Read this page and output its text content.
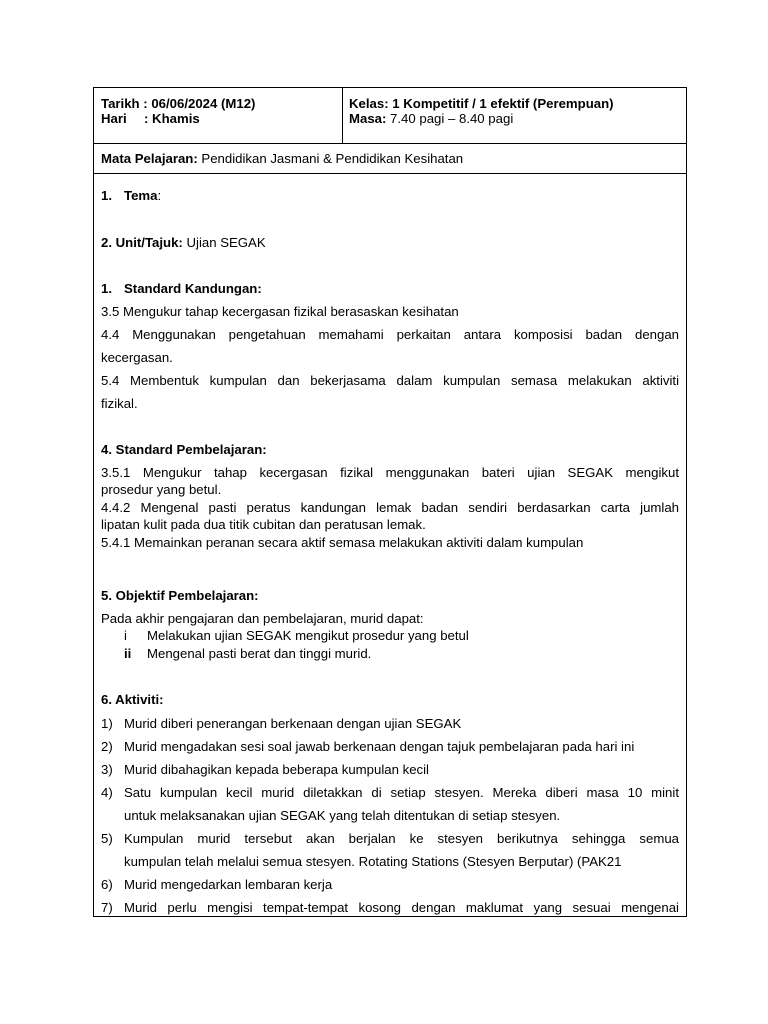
Tarikh : 06/06/2024 (M12)
Hari : Khamis
Kelas: 1 Kompetitif / 1 efektif (Perempuan)
Masa: 7.40 pagi – 8.40 pagi
Mata Pelajaran: Pendidikan Jasmani & Pendidikan Kesihatan
1. Tema:
2. Unit/Tajuk: Ujian SEGAK
1. Standard Kandungan:
3.5 Mengukur tahap kecergasan fizikal berasaskan kesihatan
4.4 Menggunakan pengetahuan memahami perkaitan antara komposisi badan dengan
kecergasan.
5.4 Membentuk kumpulan dan bekerjasama dalam kumpulan semasa melakukan aktiviti
fizikal.
4. Standard Pembelajaran:
3.5.1 Mengukur tahap kecergasan fizikal menggunakan bateri ujian SEGAK mengikut
prosedur yang betul.
4.4.2 Mengenal pasti peratus kandungan lemak badan sendiri berdasarkan carta jumlah
lipatan kulit pada dua titik cubitan dan peratusan lemak.
5.4.1 Memainkan peranan secara aktif semasa melakukan aktiviti dalam kumpulan
5. Objektif Pembelajaran:
Pada akhir pengajaran dan pembelajaran, murid dapat:
i Melakukan ujian SEGAK mengikut prosedur yang betul
ii Mengenal pasti berat dan tinggi murid.
6. Aktiviti:
1) Murid diberi penerangan berkenaan dengan ujian SEGAK
2) Murid mengadakan sesi soal jawab berkenaan dengan tajuk pembelajaran pada hari ini
3) Murid dibahagikan kepada beberapa kumpulan kecil
4) Satu kumpulan kecil murid diletakkan di setiap stesyen. Mereka diberi masa 10 minit
untuk melaksanakan ujian SEGAK yang telah ditentukan di setiap stesyen.
5) Kumpulan murid tersebut akan berjalan ke stesyen berikutnya sehingga semua
kumpulan telah melalui semua stesyen. Rotating Stations (Stesyen Berputar) (PAK21
6) Murid mengedarkan lembaran kerja
7) Murid perlu mengisi tempat-tempat kosong dengan maklumat yang sesuai mengenai
